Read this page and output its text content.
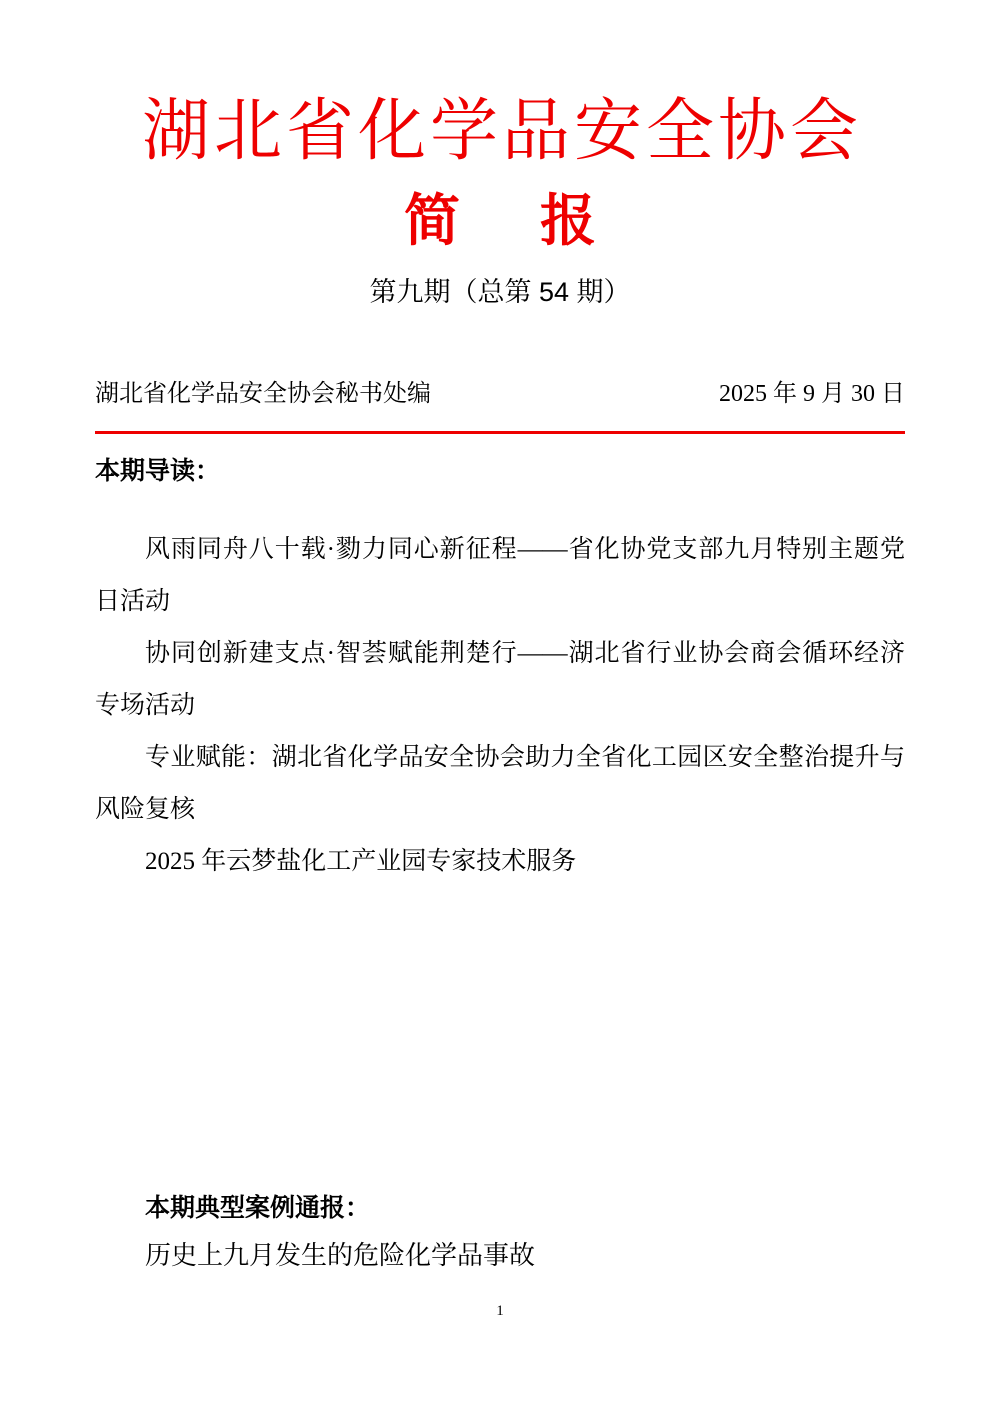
湖北省化学品安全协会
简　报
第九期（总第 54 期）
湖北省化学品安全协会秘书处编	2025 年 9 月 30 日
本期导读：
风雨同舟八十载·勠力同心新征程——省化协党支部九月特别主题党
日活动
协同创新建支点·智荟赋能荆楚行——湖北省行业协会商会循环经济
专场活动
专业赋能：湖北省化学品安全协会助力全省化工园区安全整治提升与
风险复核
2025 年云梦盐化工产业园专家技术服务
本期典型案例通报：
历史上九月发生的危险化学品事故
1
